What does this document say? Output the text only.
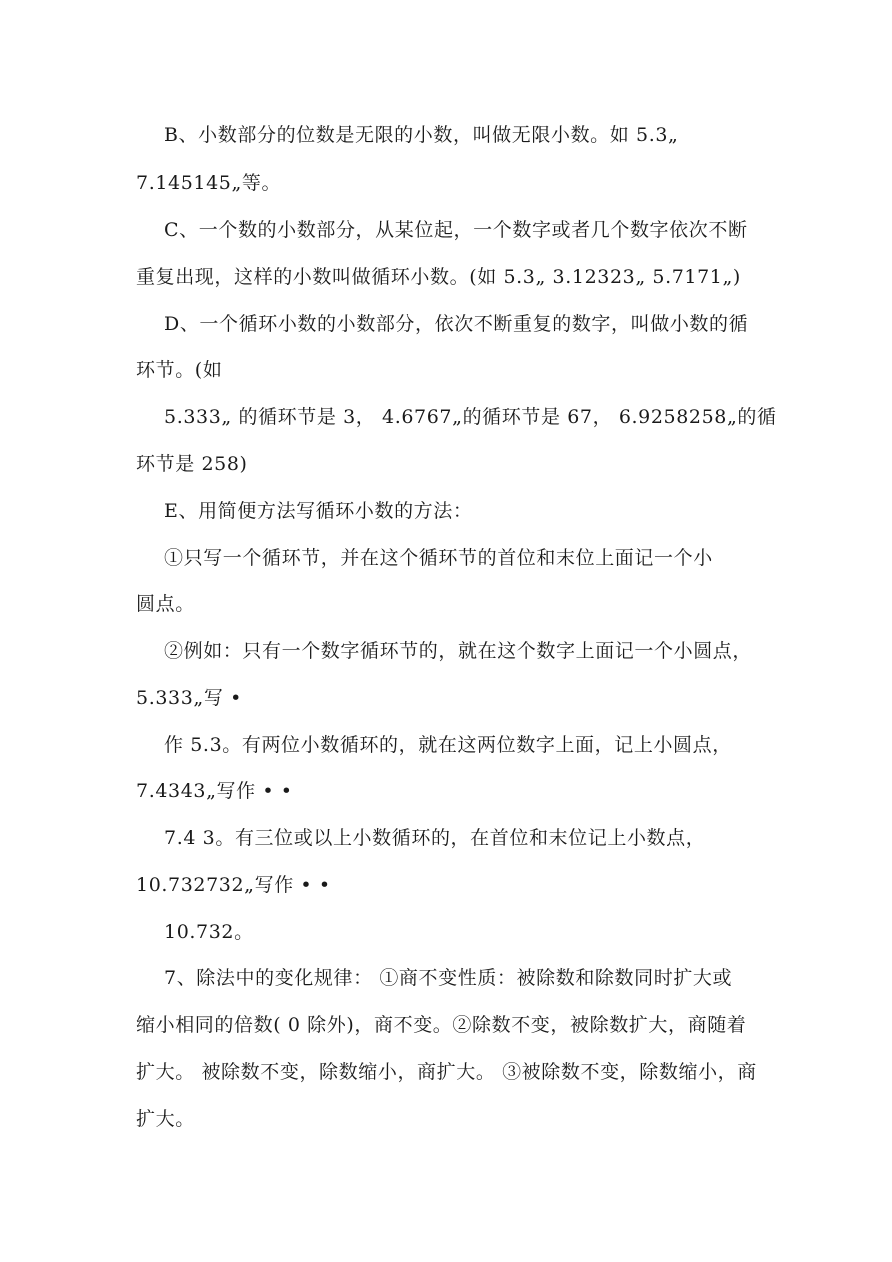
B、小数部分的位数是无限的小数，叫做无限小数。如 5.3„
7.145145„等。
C、一个数的小数部分，从某位起，一个数字或者几个数字依次不断
重复出现，这样的小数叫做循环小数。(如 5.3„ 3.12323„ 5.7171„)
D、一个循环小数的小数部分，依次不断重复的数字，叫做小数的循
环节。(如
5.333„ 的循环节是 3， 4.6767„的循环节是 67， 6.9258258„的循
环节是 258)
E、用简便方法写循环小数的方法：
①只写一个循环节，并在这个循环节的首位和末位上面记一个小
圆点。
②例如：只有一个数字循环节的，就在这个数字上面记一个小圆点，
5.333„写 •
作 5.3。有两位小数循环的，就在这两位数字上面，记上小圆点，
7.4343„写作 • •
7.4 3。有三位或以上小数循环的，在首位和末位记上小数点，
10.732732„写作 • •
10.732。
7、除法中的变化规律： ①商不变性质：被除数和除数同时扩大或
缩小相同的倍数( 0 除外)，商不变。②除数不变，被除数扩大，商随着
扩大。 被除数不变，除数缩小，商扩大。 ③被除数不变，除数缩小，商
扩大。
